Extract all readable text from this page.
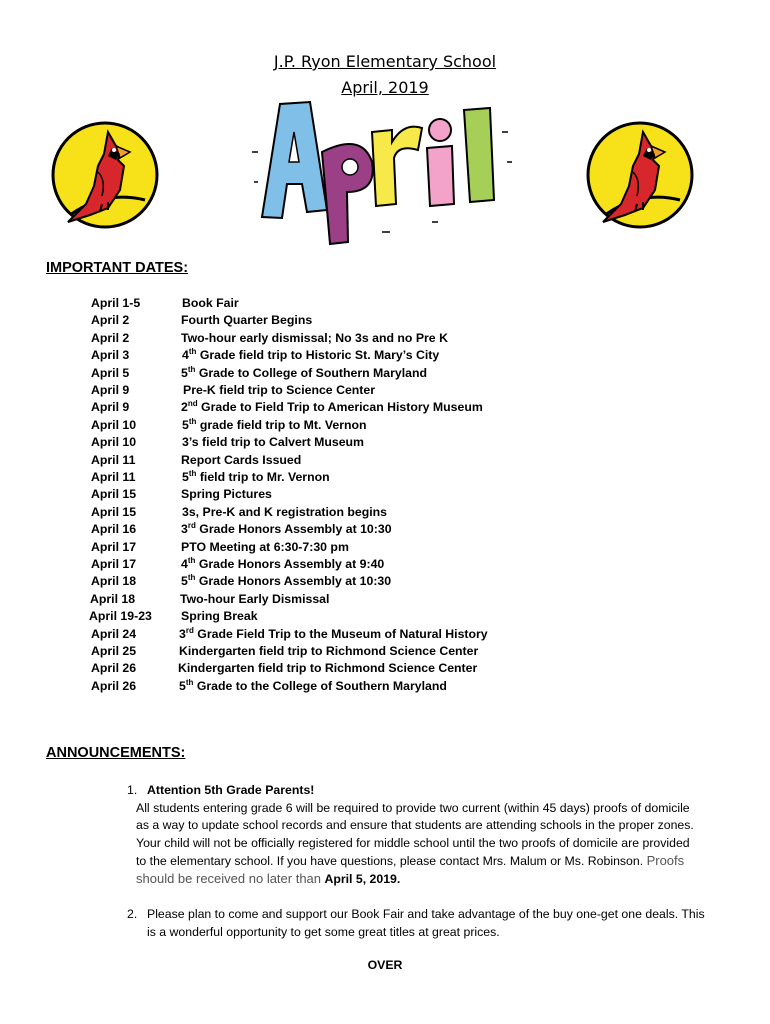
J.P. Ryon Elementary School
April, 2019
IMPORTANT DATES:
April 1-5	Book Fair
April 2	Fourth Quarter Begins
April 2	Two-hour early dismissal; No 3s and no Pre K
April 3	4th Grade field trip to Historic St. Mary’s City
April 5	5th Grade to College of Southern Maryland
April 9	Pre-K field trip to Science Center
April 9	2nd Grade to Field Trip to American History Museum
April 10	5th grade field trip to Mt. Vernon
April 10	3’s field trip to Calvert Museum
April 11	Report Cards Issued
April 11	5th field trip to Mr. Vernon
April 15	Spring Pictures
April 15	3s, Pre-K and K registration begins
April 16	3rd Grade Honors Assembly at 10:30
April 17	PTO Meeting at 6:30-7:30 pm
April 17	4th Grade Honors Assembly at 9:40
April 18	5th Grade Honors Assembly at 10:30
April 18	Two-hour Early Dismissal
April 19-23 Spring Break
April 24	3rd Grade Field Trip to the Museum of Natural History
April 25	Kindergarten field trip to Richmond Science Center
April 26	Kindergarten field trip to Richmond Science Center
April 26	5th Grade to the College of Southern Maryland
ANNOUNCEMENTS:
1. Attention 5th Grade Parents!
All students entering grade 6 will be required to provide two current (within 45 days) proofs of domicile
as a way to update school records and ensure that students are attending schools in the proper zones.
Your child will not be officially registered for middle school until the two proofs of domicile are provided
to the elementary school. If you have questions, please contact Mrs. Malum or Ms. Robinson. Proofs
should be received no later than April 5, 2019.
2. Please plan to come and support our Book Fair and take advantage of the buy one-get one deals. This
is a wonderful opportunity to get some great titles at great prices.
OVER
